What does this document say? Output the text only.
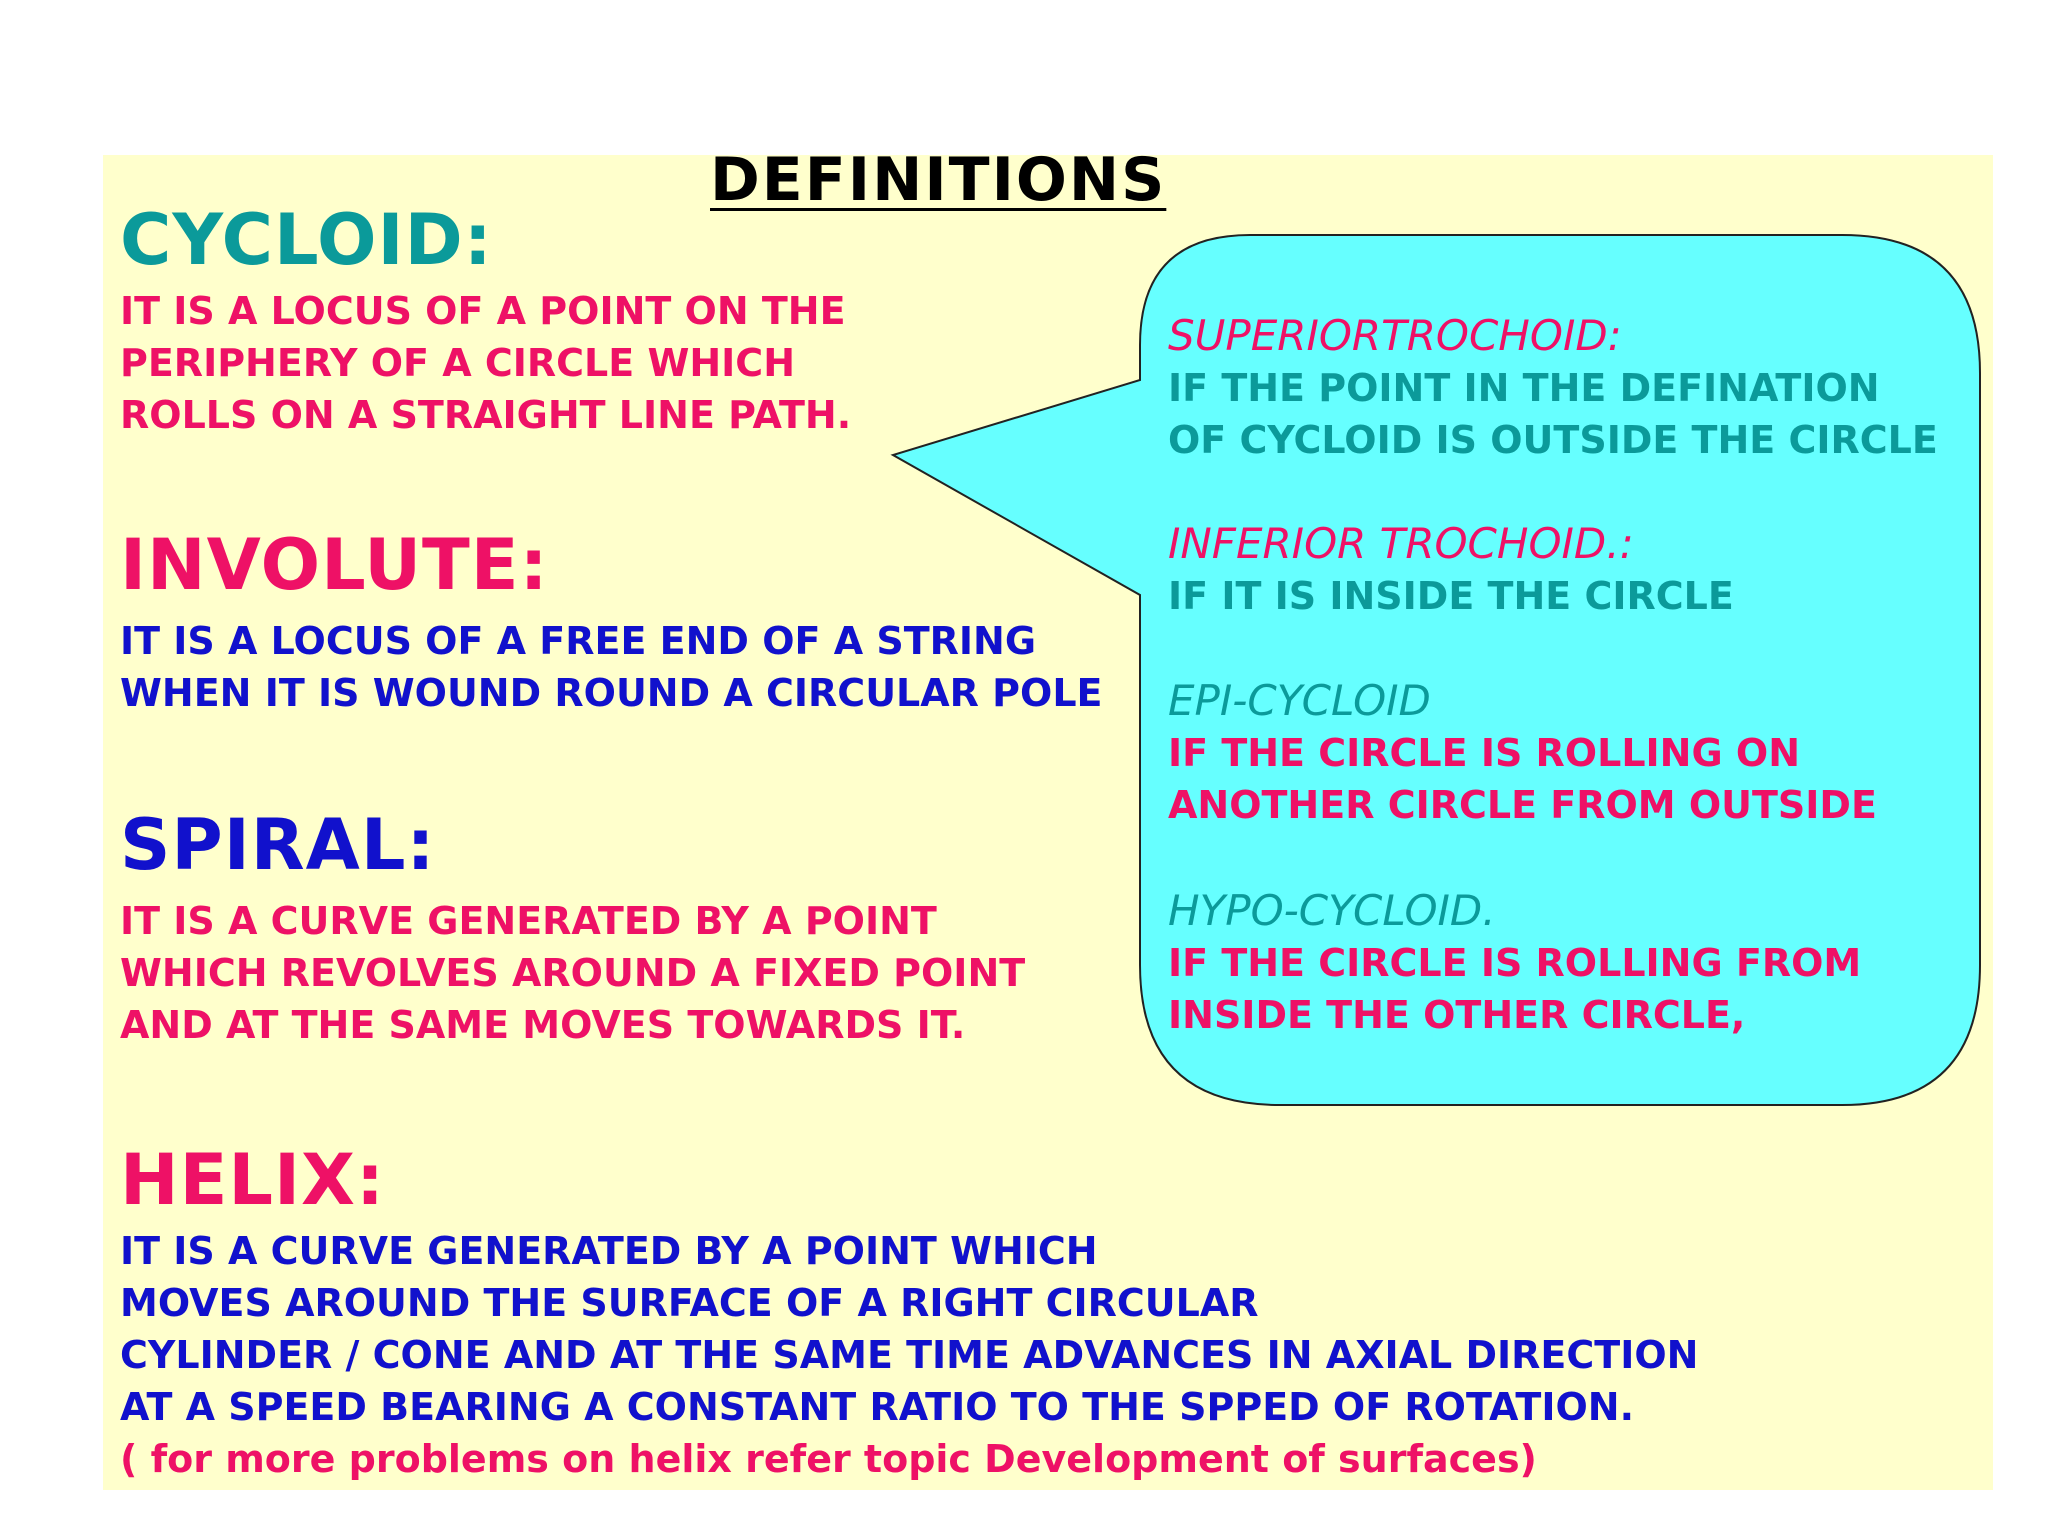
DEFINITIONS
CYCLOID:
IT IS A LOCUS OF A POINT ON THE
PERIPHERY OF A CIRCLE WHICH
ROLLS ON A STRAIGHT LINE PATH.
INVOLUTE:
IT IS A LOCUS OF A FREE END OF A STRING
WHEN IT IS WOUND ROUND A CIRCULAR POLE
SPIRAL:
IT IS A CURVE GENERATED BY A POINT
WHICH REVOLVES AROUND A FIXED POINT
AND AT THE SAME MOVES TOWARDS IT.
HELIX:
IT IS A CURVE GENERATED BY A POINT WHICH
MOVES AROUND THE SURFACE OF A RIGHT CIRCULAR
CYLINDER / CONE AND AT THE SAME TIME ADVANCES IN AXIAL DIRECTION
AT A SPEED BEARING A CONSTANT RATIO TO THE SPPED OF ROTATION.
( for more problems on helix refer topic Development of surfaces)
SUPERIORTROCHOID:
IF THE POINT IN THE DEFINATION
OF CYCLOID IS OUTSIDE THE CIRCLE
INFERIOR TROCHOID.:
IF IT IS INSIDE THE CIRCLE
EPI-CYCLOID
IF THE CIRCLE IS ROLLING ON
ANOTHER CIRCLE FROM OUTSIDE
HYPO-CYCLOID.
IF THE CIRCLE IS ROLLING FROM
INSIDE THE OTHER CIRCLE,
